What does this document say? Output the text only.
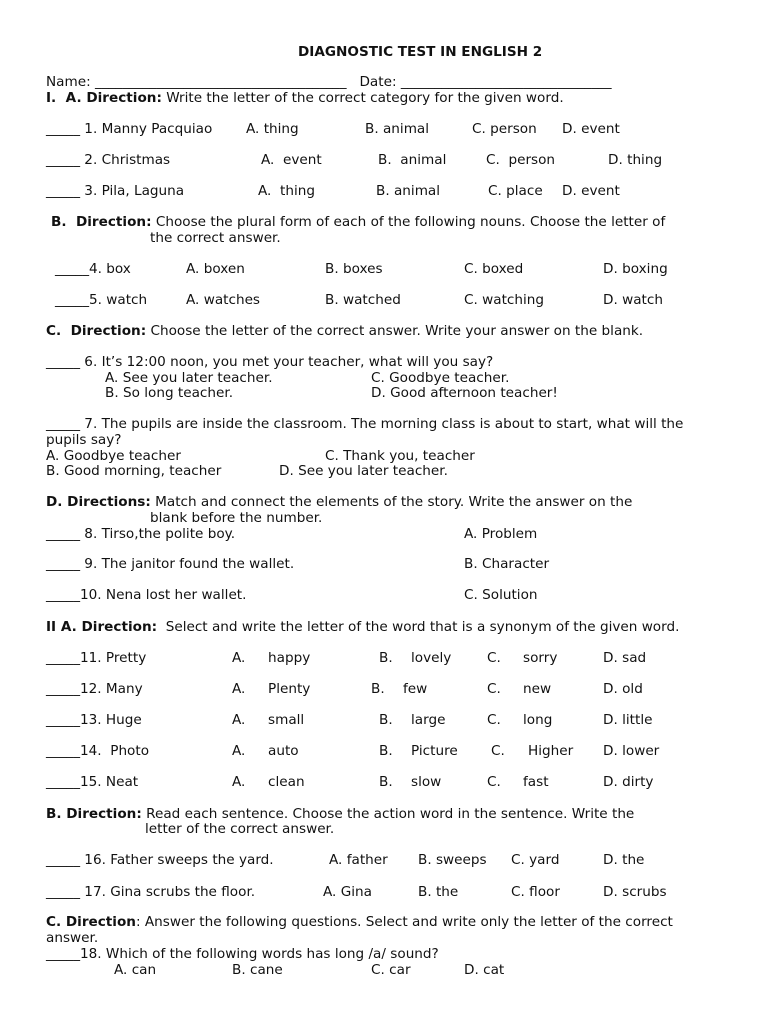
DIAGNOSTIC TEST IN ENGLISH 2
Name: _____________________________________ Date: _______________________________
I.  A. Direction: Write the letter of the correct category for the given word.
_____ 1. Manny Pacquiao A. thing	B. animal	C. person D. event
_____ 2. Christmas	A.  event	B.  animal	C.  person	D. thing
_____ 3. Pila, Laguna	A.  thing	B. animal	C. place D. event
B.  Direction: Choose the plural form of each of the following nouns. Choose the letter of
the correct answer.
_____4. box	A. boxen	B. boxes	C. boxed	D. boxing
_____5. watch	A. watches	B. watched	C. watching	D. watch
C.  Direction: Choose the letter of the correct answer. Write your answer on the blank.
_____ 6. It’s 12:00 noon, you met your teacher, what will you say?
A. See you later teacher.	C. Goodbye teacher.
B. So long teacher.	D. Good afternoon teacher!
_____ 7. The pupils are inside the classroom. The morning class is about to start, what will the
pupils say?
A. Goodbye teacher	C. Thank you, teacher
B. Good morning, teacher	D. See you later teacher.
D. Directions: Match and connect the elements of the story. Write the answer on the
blank before the number.
_____ 8. Tirso,the polite boy.	A. Problem
_____ 9. The janitor found the wallet.	B. Character
_____10. Nena lost her wallet.	C. Solution
II A. Direction:  Select and write the letter of the word that is a synonym of the given word.
_____11. Pretty	A. happy	B. lovely	C. sorry	D. sad
_____12. Many	A. Plenty	B. few	C. new	D. old
_____13. Huge	A. small	B. large	C. long	D. little
_____14.  Photo	A. auto	B. Picture C. Higher D. lower
_____15. Neat	A. clean	B. slow	C. fast	D. dirty
B. Direction: Read each sentence. Choose the action word in the sentence. Write the
letter of the correct answer.
_____ 16. Father sweeps the yard.	A. father B. sweeps C. yard	D. the
_____ 17. Gina scrubs the floor.	A. Gina	B. the	C. floor	D. scrubs
C. Direction: Answer the following questions. Select and write only the letter of the correct
answer.
_____18. Which of the following words has long /a/ sound?
A. can	B. cane	C. car	D. cat
